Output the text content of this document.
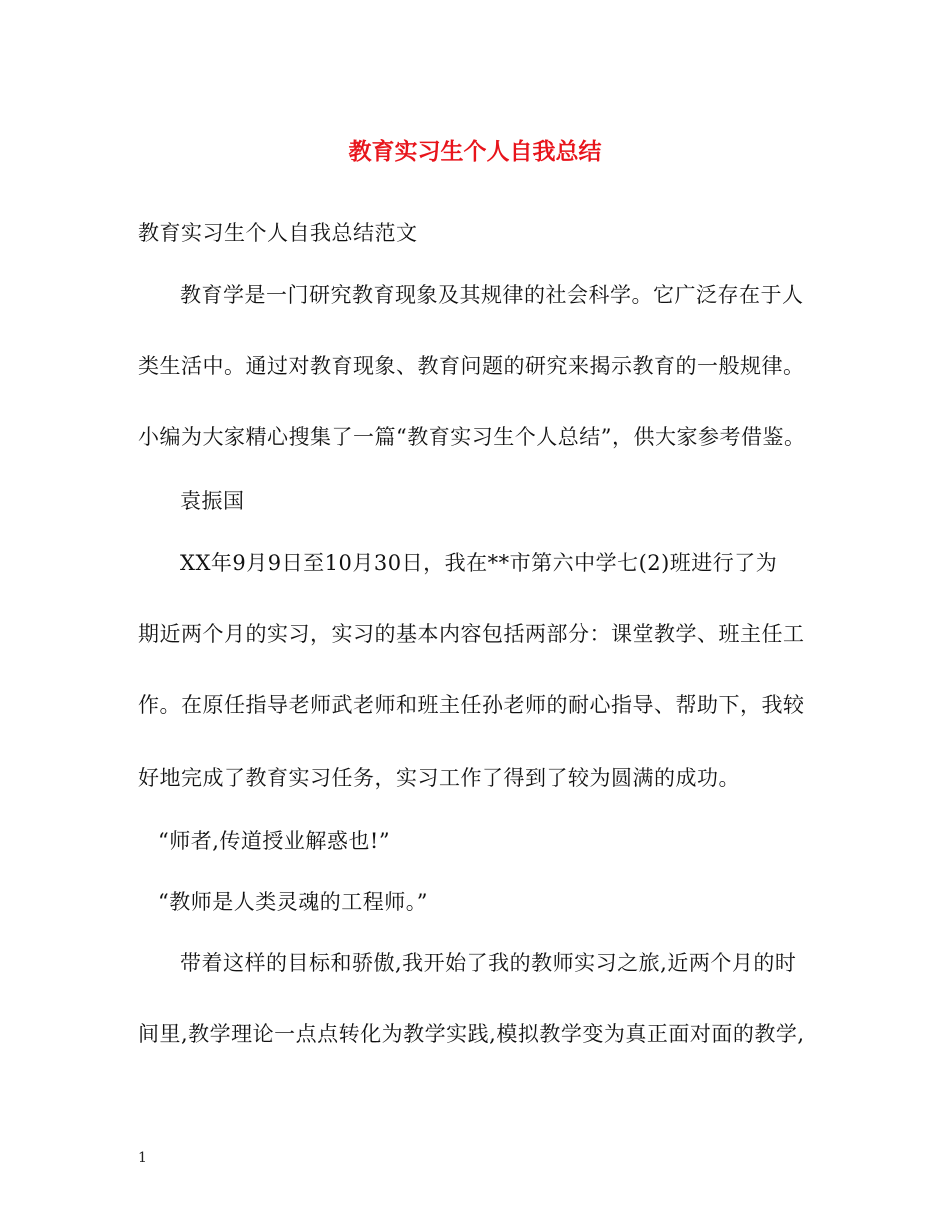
教育实习生个人自我总结
教育实习生个人自我总结范文
教育学是一门研究教育现象及其规律的社会科学。它广泛存在于人
类生活中。通过对教育现象、教育问题的研究来揭示教育的一般规律。
小编为大家精心搜集了一篇“教育实习生个人总结”，供大家参考借鉴。
袁振国
XX年9月9日至10月30日，我在**市第六中学七(2)班进行了为
期近两个月的实习，实习的基本内容包括两部分：课堂教学、班主任工
作。在原任指导老师武老师和班主任孙老师的耐心指导、帮助下，我较
好地完成了教育实习任务，实习工作了得到了较为圆满的成功。
“师者,传道授业解惑也!”
“教师是人类灵魂的工程师。”
带着这样的目标和骄傲,我开始了我的教师实习之旅,近两个月的时
间里,教学理论一点点转化为教学实践,模拟教学变为真正面对面的教学,
1
